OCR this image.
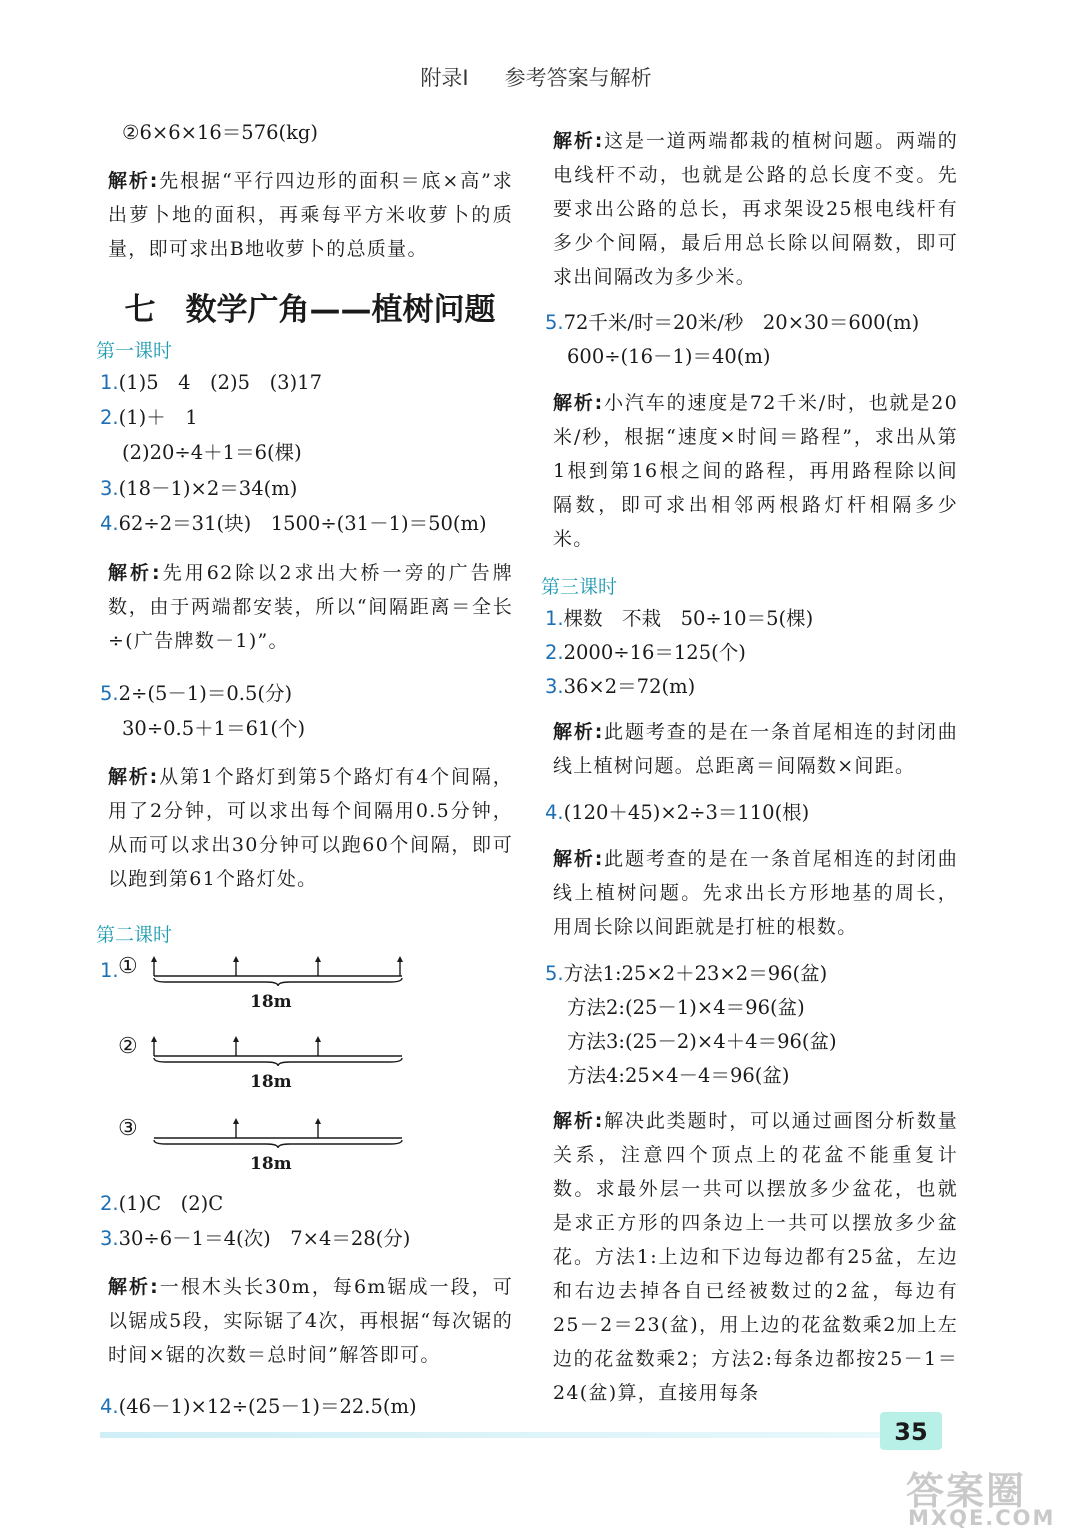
附录Ⅰ 参考答案与解析
②6×6×16＝576(kg)

解析:先根据“平行四边形的面积＝底×高”求出萝卜地的面积，再乘每平方米收萝卜的质量，即可求出B地收萝卜的总质量。

七 数学广角——植树问题
第一课时
1.(1)5　4　(2)5　(3)17
2.(1)＋　1
(2)20÷4＋1＝6(棵)
3.(18－1)×2＝34(m)
4.62÷2＝31(块)　1500÷(31－1)＝50(m)

解析:先用62除以2求出大桥一旁的广告牌数，由于两端都安装，所以“间隔距离＝全长÷(广告牌数－1)”。

5.2÷(5－1)＝0.5(分)
30÷0.5＋1＝61(个)

解析:从第1个路灯到第5个路灯有4个间隔，用了2分钟，可以求出每个间隔用0.5分钟，从而可以求出30分钟可以跑60个间隔，即可以跑到第61个路灯处。

第二课时
1. ①
18m
②
18m
③
18m
2.(1)C　(2)C
3.30÷6－1＝4(次)　7×4＝28(分)

解析:一根木头长30m，每6m锯成一段，可以锯成5段，实际锯了4次，再根据“每次锯的时间×锯的次数＝总时间”解答即可。

4.(46－1)×12÷(25－1)＝22.5(m)

解析:这是一道两端都栽的植树问题。两端的电线杆不动，也就是公路的总长度不变。先要求出公路的总长，再求架设25根电线杆有多少个间隔，最后用总长除以间隔数，即可求出间隔改为多少米。

5.72千米/时＝20米/秒　20×30＝600(m)
600÷(16－1)＝40(m)

解析:小汽车的速度是72千米/时，也就是20米/秒，根据“速度×时间＝路程”，求出从第1根到第16根之间的路程，再用路程除以间隔数，即可求出相邻两根路灯杆相隔多少米。

第三课时
1.棵数　不栽　50÷10＝5(棵)
2.2000÷16＝125(个)
3.36×2＝72(m)

解析:此题考查的是在一条首尾相连的封闭曲线上植树问题。总距离＝间隔数×间距。

4.(120＋45)×2÷3＝110(根)

解析:此题考查的是在一条首尾相连的封闭曲线上植树问题。先求出长方形地基的周长，用周长除以间距就是打桩的根数。

5.方法1:25×2＋23×2＝96(盆)
方法2:(25－1)×4＝96(盆)
方法3:(25－2)×4＋4＝96(盆)
方法4:25×4－4＝96(盆)

解析:解决此类题时，可以通过画图分析数量关系，注意四个顶点上的花盆不能重复计数。求最外层一共可以摆放多少盆花，也就是求正方形的四条边上一共可以摆放多少盆花。方法1:上边和下边每边都有25盆，左边和右边去掉各自已经被数过的2盆，每边有25－2＝23(盆)，用上边的花盆数乘2加上左边的花盆数乘2；方法2:每条边都按25－1＝24(盆)算，直接用每条

35
答案圈
MXQE.COM
